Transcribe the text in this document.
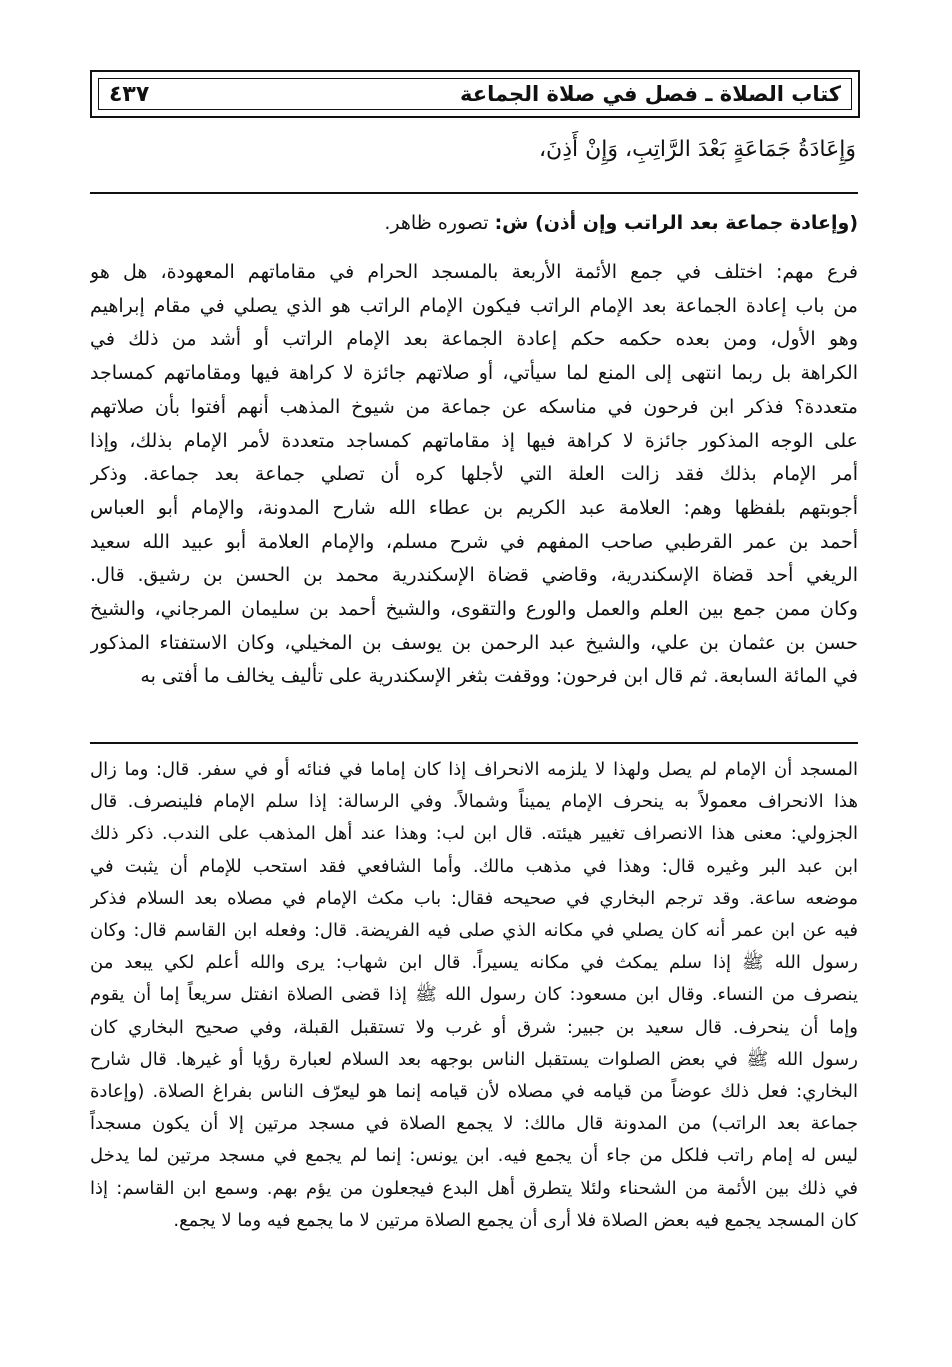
كتاب الصلاة ـ فصل في صلاة الجماعة
٤٣٧
وَإِعَادَةُ جَمَاعَةٍ بَعْدَ الرَّاتِبِ، وَإِنْ أَذِنَ،
(وإعادة جماعة بعد الراتب وإن أذن) ش: تصوره ظاهر.
فرع مهم: اختلف في جمع الأئمة الأربعة بالمسجد الحرام في مقاماتهم المعهودة، هل هو
من باب إعادة الجماعة بعد الإمام الراتب فيكون الإمام الراتب هو الذي يصلي في مقام إبراهيم
وهو الأول، ومن بعده حكمه حكم إعادة الجماعة بعد الإمام الراتب أو أشد من ذلك في
الكراهة بل ربما انتهى إلى المنع لما سيأتي، أو صلاتهم جائزة لا كراهة فيها ومقاماتهم كمساجد
متعددة؟ فذكر ابن فرحون في مناسكه عن جماعة من شيوخ المذهب أنهم أفتوا بأن صلاتهم
على الوجه المذكور جائزة لا كراهة فيها إذ مقاماتهم كمساجد متعددة لأمر الإمام بذلك، وإذا
أمر الإمام بذلك فقد زالت العلة التي لأجلها كره أن تصلي جماعة بعد جماعة. وذكر
أجوبتهم بلفظها وهم: العلامة عبد الكريم بن عطاء الله شارح المدونة، والإمام أبو العباس
أحمد بن عمر القرطبي صاحب المفهم في شرح مسلم، والإمام العلامة أبو عبيد الله سعيد
الريغي أحد قضاة الإسكندرية، وقاضي قضاة الإسكندرية محمد بن الحسن بن رشيق. قال.
وكان ممن جمع بين العلم والعمل والورع والتقوى، والشيخ أحمد بن سليمان المرجاني، والشيخ
حسن بن عثمان بن علي، والشيخ عبد الرحمن بن يوسف بن المخيلي، وكان الاستفتاء المذكور
في المائة السابعة. ثم قال ابن فرحون: ووقفت بثغر الإسكندرية على تأليف يخالف ما أفتى به
المسجد أن الإمام لم يصل ولهذا لا يلزمه الانحراف إذا كان إماما في فنائه أو في سفر. قال: وما زال
هذا الانحراف معمولاً به ينحرف الإمام يميناً وشمالاً. وفي الرسالة: إذا سلم الإمام فلينصرف. قال
الجزولي: معنى هذا الانصراف تغيير هيئته. قال ابن لب: وهذا عند أهل المذهب على الندب. ذكر ذلك
ابن عبد البر وغيره قال: وهذا في مذهب مالك. وأما الشافعي فقد استحب للإمام أن يثبت في
موضعه ساعة. وقد ترجم البخاري في صحيحه فقال: باب مكث الإمام في مصلاه بعد السلام فذكر
فيه عن ابن عمر أنه كان يصلي في مكانه الذي صلى فيه الفريضة. قال: وفعله ابن القاسم قال: وكان
رسول الله ﷺ إذا سلم يمكث في مكانه يسيراً. قال ابن شهاب: يرى والله أعلم لكي يبعد من
ينصرف من النساء. وقال ابن مسعود: كان رسول الله ﷺ إذا قضى الصلاة انفتل سريعاً إما أن يقوم
وإما أن ينحرف. قال سعيد بن جبير: شرق أو غرب ولا تستقبل القبلة، وفي صحيح البخاري كان
رسول الله ﷺ في بعض الصلوات يستقبل الناس بوجهه بعد السلام لعبارة رؤيا أو غيرها. قال شارح
البخاري: فعل ذلك عوضاً من قيامه في مصلاه لأن قيامه إنما هو ليعرّف الناس بفراغ الصلاة. (وإعادة
جماعة بعد الراتب) من المدونة قال مالك: لا يجمع الصلاة في مسجد مرتين إلا أن يكون مسجداً
ليس له إمام راتب فلكل من جاء أن يجمع فيه. ابن يونس: إنما لم يجمع في مسجد مرتين لما يدخل
في ذلك بين الأئمة من الشحناء ولئلا يتطرق أهل البدع فيجعلون من يؤم بهم. وسمع ابن القاسم: إذا
كان المسجد يجمع فيه بعض الصلاة فلا أرى أن يجمع الصلاة مرتين لا ما يجمع فيه وما لا يجمع.
